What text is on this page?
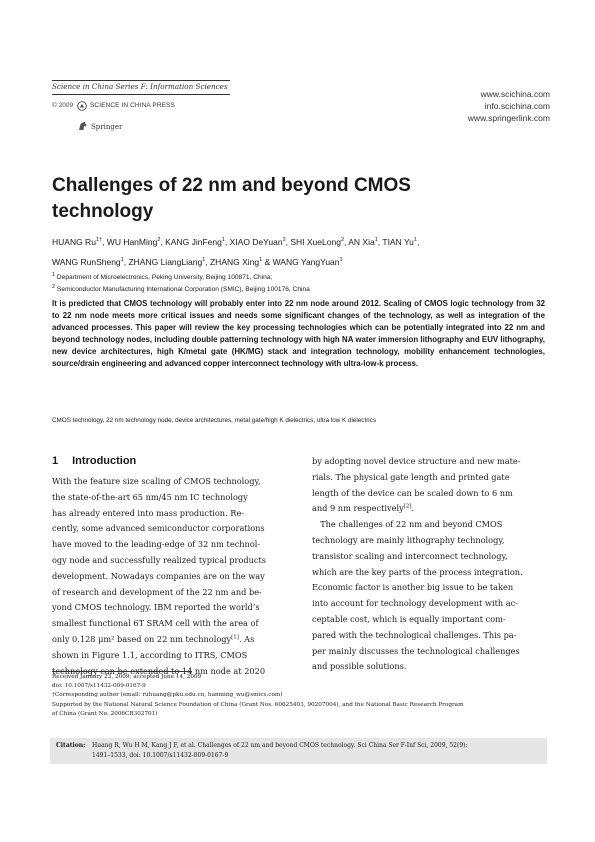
Science in China Series F: Information Sciences
© 2009	SCIENCE IN CHINA PRESS
Springer
www.scichina.com
info.scichina.com
www.springerlink.com
Challenges of 22 nm and beyond CMOS technology
HUANG $Ru^{1\dagger}$, WU HanMing$^2$, KANG JinFeng$^1$, XIAO DeYuan$^2$, SHI XueLong$^2$, AN Xia$^1$, TIAN Yu$^1$,
WANG RunSheng$^1$, ZHANG LiangLiang$^1$, ZHANG Xing$^1$ & WANG YangYuan$^1$
$^1$ Department of Microelectronics, Peking University, Beijing 100871, China;
$^2$ Semiconductor Manufacturing International Corporation (SMIC), Beijing 100176, China
It is predicted that CMOS technology will probably enter into 22 nm node around 2012. Scaling of CMOS logic technology from 32 to 22 nm node meets more critical issues and needs some significant changes of the technology, as well as integration of the advanced processes. This paper will review the key processing technologies which can be potentially integrated into 22 nm and beyond technology nodes, including double patterning technology with high NA water immersion lithography and EUV lithography, new device architectures, high K/metal gate (HK/MG) stack and integration technology, mobility enhancement technologies, source/drain engineering and advanced copper interconnect technology with ultra-low-k process.
CMOS technology, 22 nm technology node, device architectures, metal gate/high K dielectrics, ultra low K dielectrics
1 Introduction
With the feature size scaling of CMOS technology,
the state-of-the-art 65 nm/45 nm IC technology
has already entered into mass production. Re-
cently, some advanced semiconductor corporations
have moved to the leading-edge of 32 nm technol-
ogy node and successfully realized typical products
development. Nowadays companies are on the way
of research and development of the 22 nm and be-
yond CMOS technology. IBM reported the world’s
smallest functional 6T SRAM cell with the area of
only 0.128 μm² based on 22 nm technology[1]. As
shown in Figure 1.1, according to ITRS, CMOS
technology can be extended to 14 nm node at 2020
by adopting novel device structure and new mate-
rials. The physical gate length and printed gate
length of the device can be scaled down to 6 nm
and 9 nm respectively[2].
 The challenges of 22 nm and beyond CMOS
technology are mainly lithography technology,
transistor scaling and interconnect technology,
which are the key parts of the process integration.
Economic factor is another big issue to be taken
into account for technology development with ac-
ceptable cost, which is equally important com-
pared with the technological challenges. This pa-
per mainly discusses the technological challenges
and possible solutions.
Received January 23, 2009; accepted June 14, 2009
doi: 10.1007/s11432-009-0167-9
†Corresponding author (email: ruhuang@pku.edu.cn, hanming_wu@smics.com)
Supported by the National Natural Science Foundation of China (Grant Nos. 60625403, 90207004), and the National Basic Research Program
of China (Grant No. 2006CB302701)
Citation: Huang R, Wu H M, Kang J F, et al. Challenges of 22 nm and beyond CMOS technology. Sci China Ser F-Inf Sci, 2009, 52(9):
1491–1533, doi: 10.1007/s11432-009-0167-9
